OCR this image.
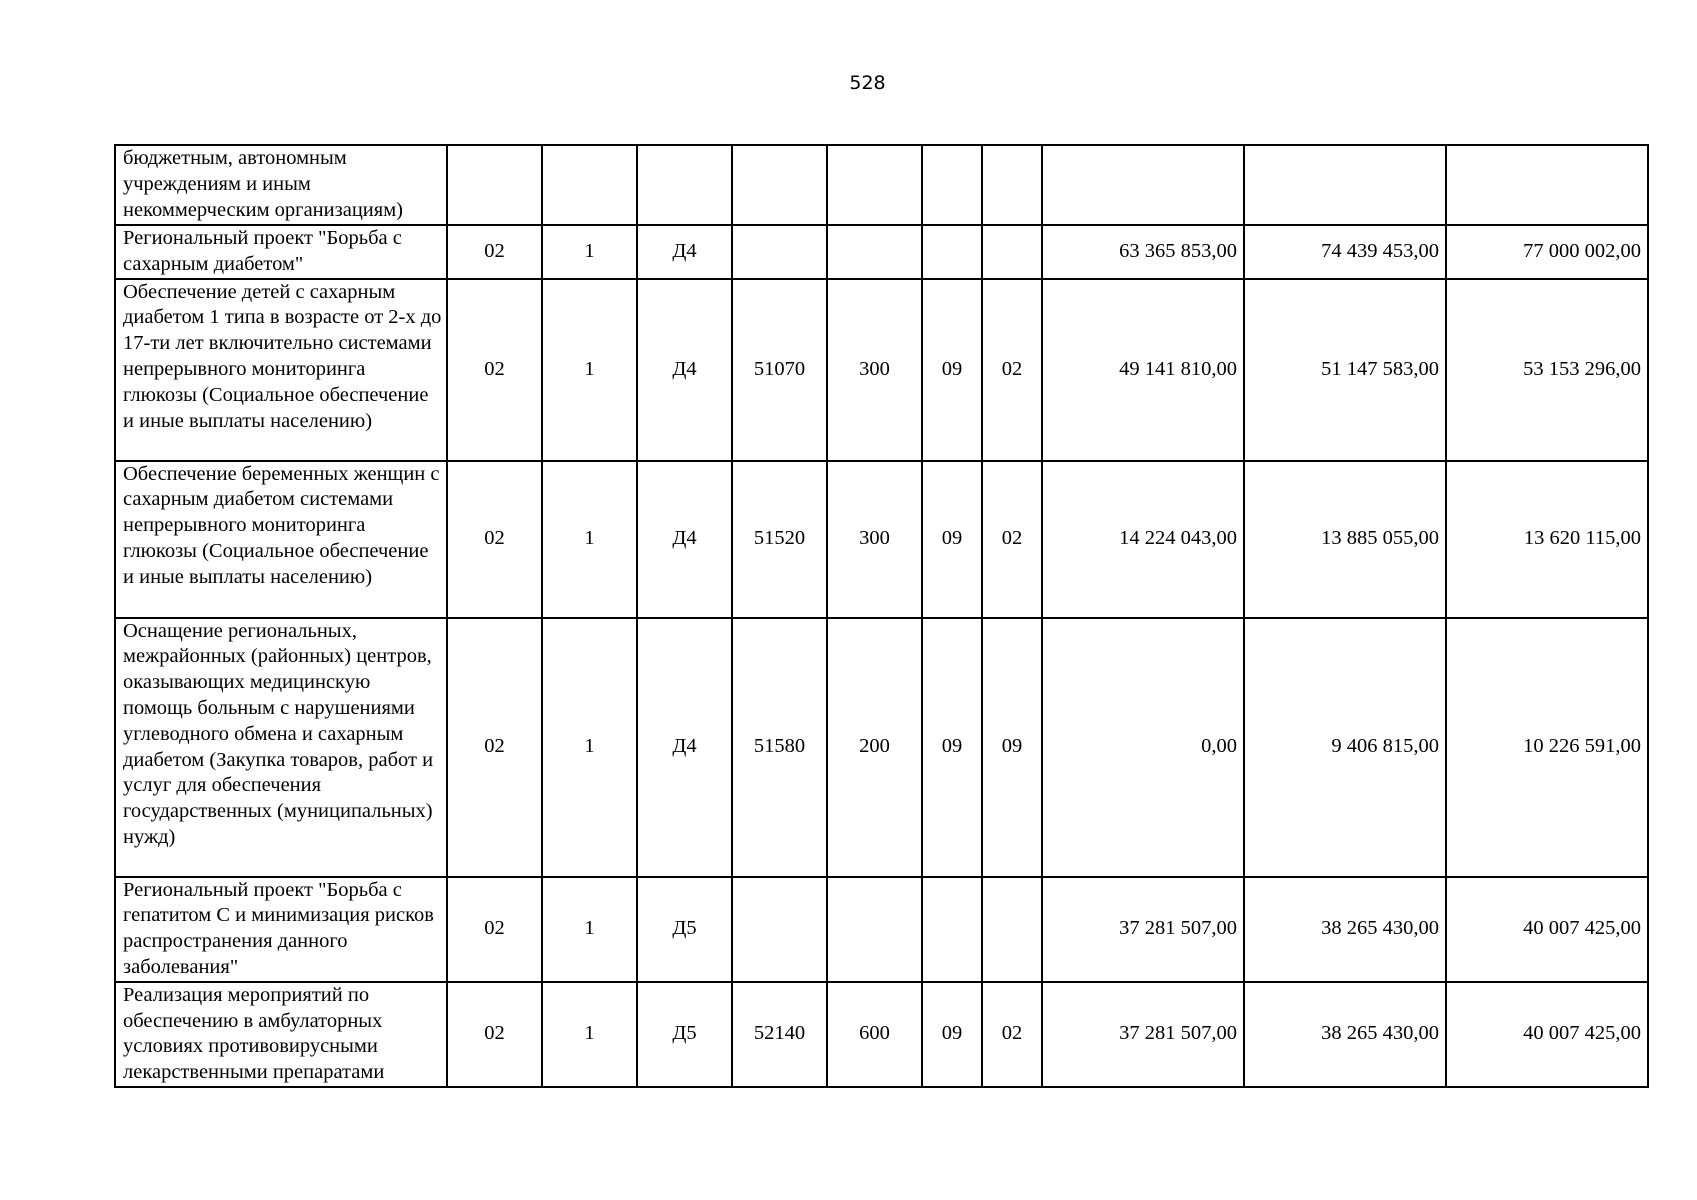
528
бюджетным, автономным учреждениям и иным некоммерческим организациям)										
Региональный проект "Борьба с сахарным диабетом"	02	1	Д4					63 365 853,00	74 439 453,00	77 000 002,00
Обеспечение детей с сахарным диабетом 1 типа в возрасте от 2-х до 17-ти лет включительно системами непрерывного мониторинга глюкозы (Социальное обеспечение и иные выплаты населению)	02	1	Д4	51070	300	09	02	49 141 810,00	51 147 583,00	53 153 296,00
Обеспечение беременных женщин с сахарным диабетом системами непрерывного мониторинга глюкозы (Социальное обеспечение и иные выплаты населению)	02	1	Д4	51520	300	09	02	14 224 043,00	13 885 055,00	13 620 115,00
Оснащение региональных, межрайонных (районных) центров, оказывающих медицинскую помощь больным с нарушениями углеводного обмена и сахарным диабетом (Закупка товаров, работ и услуг для обеспечения государственных (муниципальных) нужд)	02	1	Д4	51580	200	09	09	0,00	9 406 815,00	10 226 591,00
Региональный проект "Борьба с гепатитом С и минимизация рисков распространения данного заболевания"	02	1	Д5					37 281 507,00	38 265 430,00	40 007 425,00
Реализация мероприятий по обеспечению в амбулаторных условиях противовирусными лекарственными препаратами	02	1	Д5	52140	600	09	02	37 281 507,00	38 265 430,00	40 007 425,00
